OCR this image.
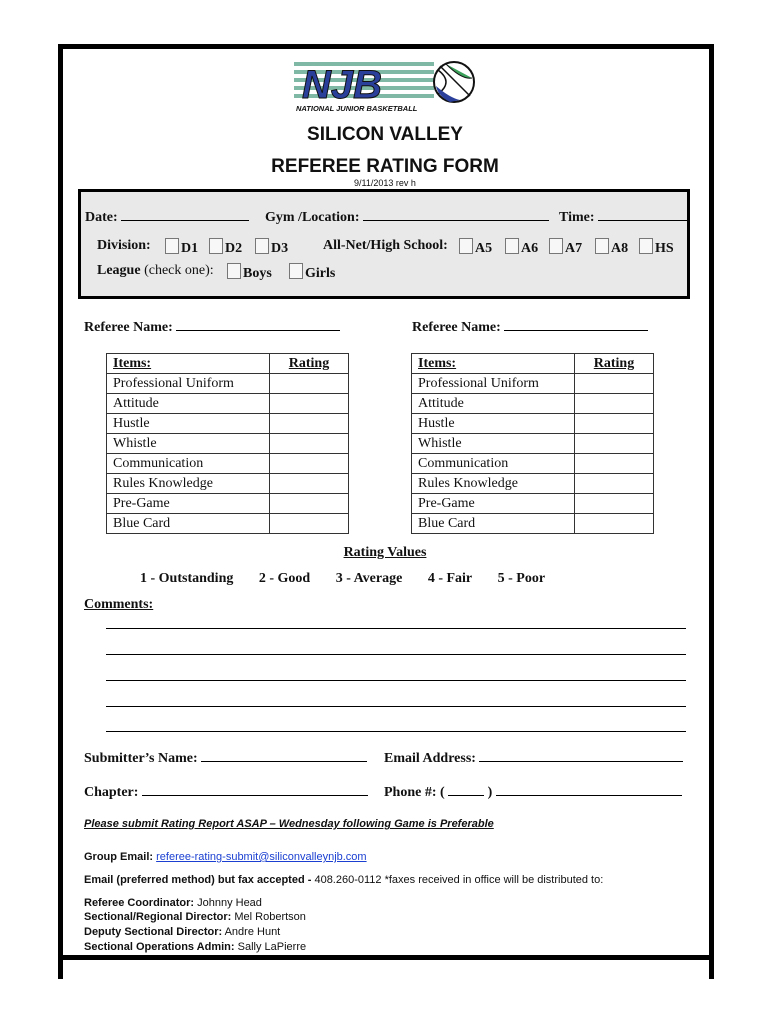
NJB
NATIONAL JUNIOR BASKETBALL
SILICON VALLEY
REFEREE RATING FORM
9/11/2013 rev h
Date:	Gym /Location:	Time:
Division:	D1	D2	D3 All-Net/High School:	A5	A6	A7	A8	HS
League (check one):	Boys	Girls
Referee Name:	Referee Name:
Items:	Rating
Professional Uniform	
Attitude	
Hustle	
Whistle	
Communication	
Rules Knowledge	
Pre-Game	
Blue Card	
Items:	Rating
Professional Uniform	
Attitude	
Hustle	
Whistle	
Communication	
Rules Knowledge	
Pre-Game	
Blue Card	
Rating Values
1 - Outstanding 2 - Good 3 - Average 4 - Fair 5 - Poor
Comments:
Submitter’s Name:	Email Address:
Chapter:	Phone #: (	)
Please submit Rating Report ASAP – Wednesday following Game is Preferable
Group Email: referee-rating-submit@siliconvalleynjb.com
Email (preferred method) but fax accepted - 408.260-0112 *faxes received in office will be distributed to:
Referee Coordinator: Johnny Head
Sectional/Regional Director: Mel Robertson
Deputy Sectional Director: Andre Hunt
Sectional Operations Admin: Sally LaPierre
